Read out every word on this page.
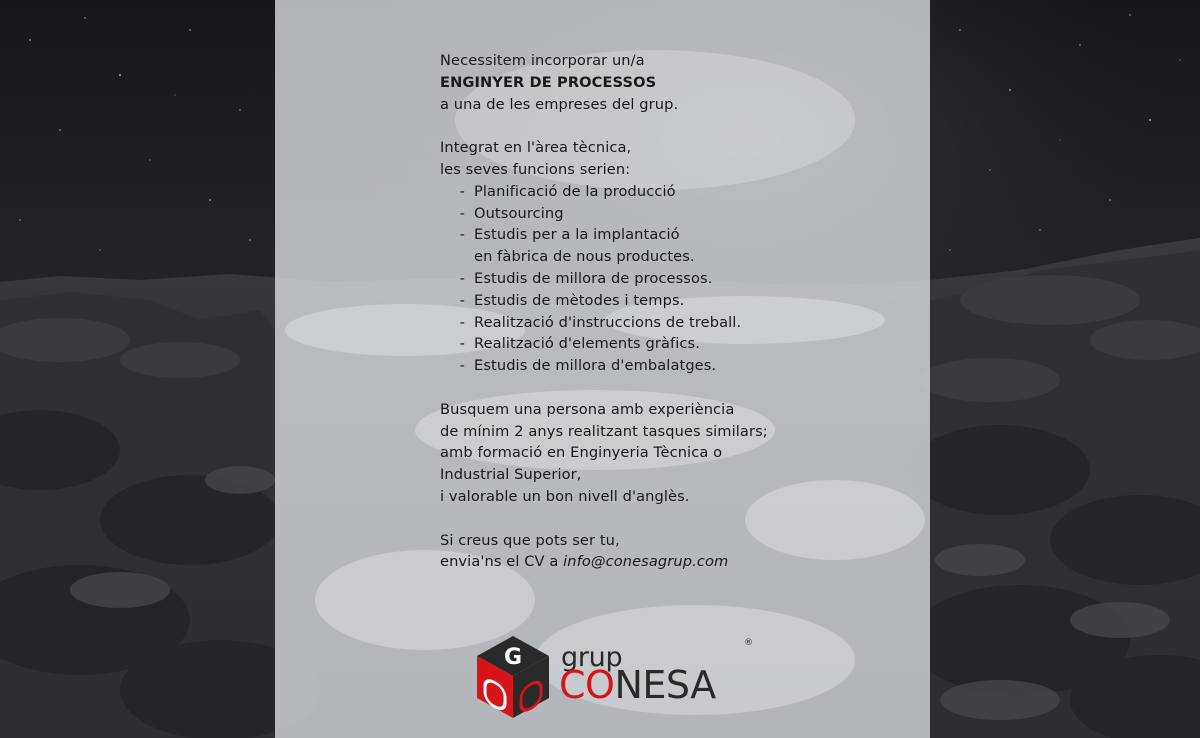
Necessitem incorporar un/a
ENGINYER DE PROCESSOS
a una de les empreses del grup.
Integrat en l'àrea tècnica,
les seves funcions serien:
- Planificació de la producció
- Outsourcing
- Estudis per a la implantació
en fàbrica de nous productes.
- Estudis de millora de processos.
- Estudis de mètodes i temps.
- Realització d'instruccions de treball.
- Realització d'elements gràfics.
- Estudis de millora d'embalatges.
Busquem una persona amb experiència
de mínim 2 anys realitzant tasques similars;
amb formació en Enginyeria Tècnica o
Industrial Superior,
i valorable un bon nivell d'anglès.
Si creus que pots ser tu,
envia'ns el CV a info@conesagrup.com
G grup
CONESA
®
